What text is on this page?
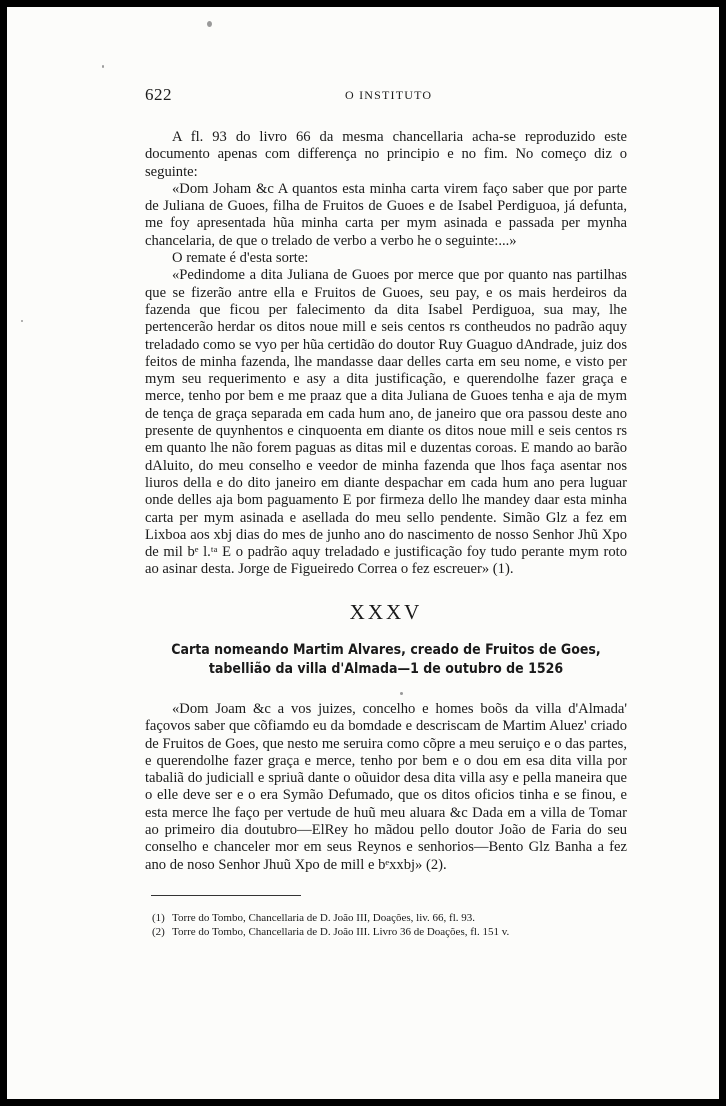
622	O INSTITUTO

A fl. 93 do livro 66 da mesma chancellaria acha-se reproduzido este documento apenas com differença no principio e no fim. No começo diz o seguinte:

«Dom Joham &c A quantos esta minha carta virem faço saber que por parte de Juliana de Guoes, filha de Fruitos de Guoes e de Isabel Perdiguoa, já defunta, me foy apresentada hũa minha carta per mym asinada e passada per mynha chancelaria, de que o trelado de verbo a verbo he o seguinte:...»

O remate é d'esta sorte:

«Pedindome a dita Juliana de Guoes por merce que por quanto nas partilhas que se fizerão antre ella e Fruitos de Guoes, seu pay, e os mais herdeiros da fazenda que ficou per falecimento da dita Isabel Perdiguoa, sua may, lhe pertencerão herdar os ditos noue mill e seis centos rs contheudos no padrão aquy treladado como se vyo per hũa certidão do doutor Ruy Guaguo dAndrade, juiz dos feitos de minha fazenda, lhe mandasse daar delles carta em seu nome, e visto per mym seu requerimento e asy a dita justificação, e querendolhe fazer graça e merce, tenho por bem e me praaz que a dita Juliana de Guoes tenha e aja de mym de tença de graça separada em cada hum ano, de janeiro que ora passou deste ano presente de quynhentos e cinquoenta em diante os ditos noue mill e seis centos rs em quanto lhe não forem paguas as ditas mil e duzentas coroas. E mando ao barão dAluito, do meu conselho e veedor de minha fazenda que lhos faça asentar nos liuros della e do dito janeiro em diante despachar em cada hum ano pera luguar onde delles aja bom paguamento E por firmeza dello lhe mandey daar esta minha carta per mym asinada e asellada do meu sello pendente. Simão Glz a fez em Lixboa aos xbj dias do mes de junho ano do nascimento de nosso Senhor Jhũ Xpo de mil bᵉ l.ᵗᵃ E o padrão aquy treladado e justificação foy tudo perante mym roto ao asinar desta. Jorge de Figueiredo Correa o fez escreuer» (1).

XXXV
Carta nomeando Martim Alvares, creado de Fruitos de Goes,
tabellião da villa d'Almada—1 de outubro de 1526

«Dom Joam &c a vos juizes, concelho e homes boõs da villa d'Almada' façovos saber que cõfiamdo eu da bomdade e descriscam de Martim Aluez' criado de Fruitos de Goes, que nesto me seruira como cõpre a meu seruiço e o das partes, e querendolhe fazer graça e merce, tenho por bem e o dou em esa dita villa por tabaliã do judiciall e spriuã dante o oũuidor desa dita villa asy e pella maneira que o elle deve ser e o era Symão Defumado, que os ditos oficios tinha e se finou, e esta merce lhe faço per vertude de huũ meu aluara &c Dada em a villa de Tomar ao primeiro dia doutubro—ElRey ho mãdou pello doutor João de Faria do seu conselho e chanceler mor em seus Reynos e senhorios—Bento Glz Banha a fez ano de noso Senhor Jhuũ Xpo de mill e bᵉxxbj» (2).

(1) Torre do Tombo, Chancellaria de D. João III, Doações, liv. 66, fl. 93.
(2) Torre do Tombo, Chancellaria de D. João III. Livro 36 de Doações, fl. 151 v.
